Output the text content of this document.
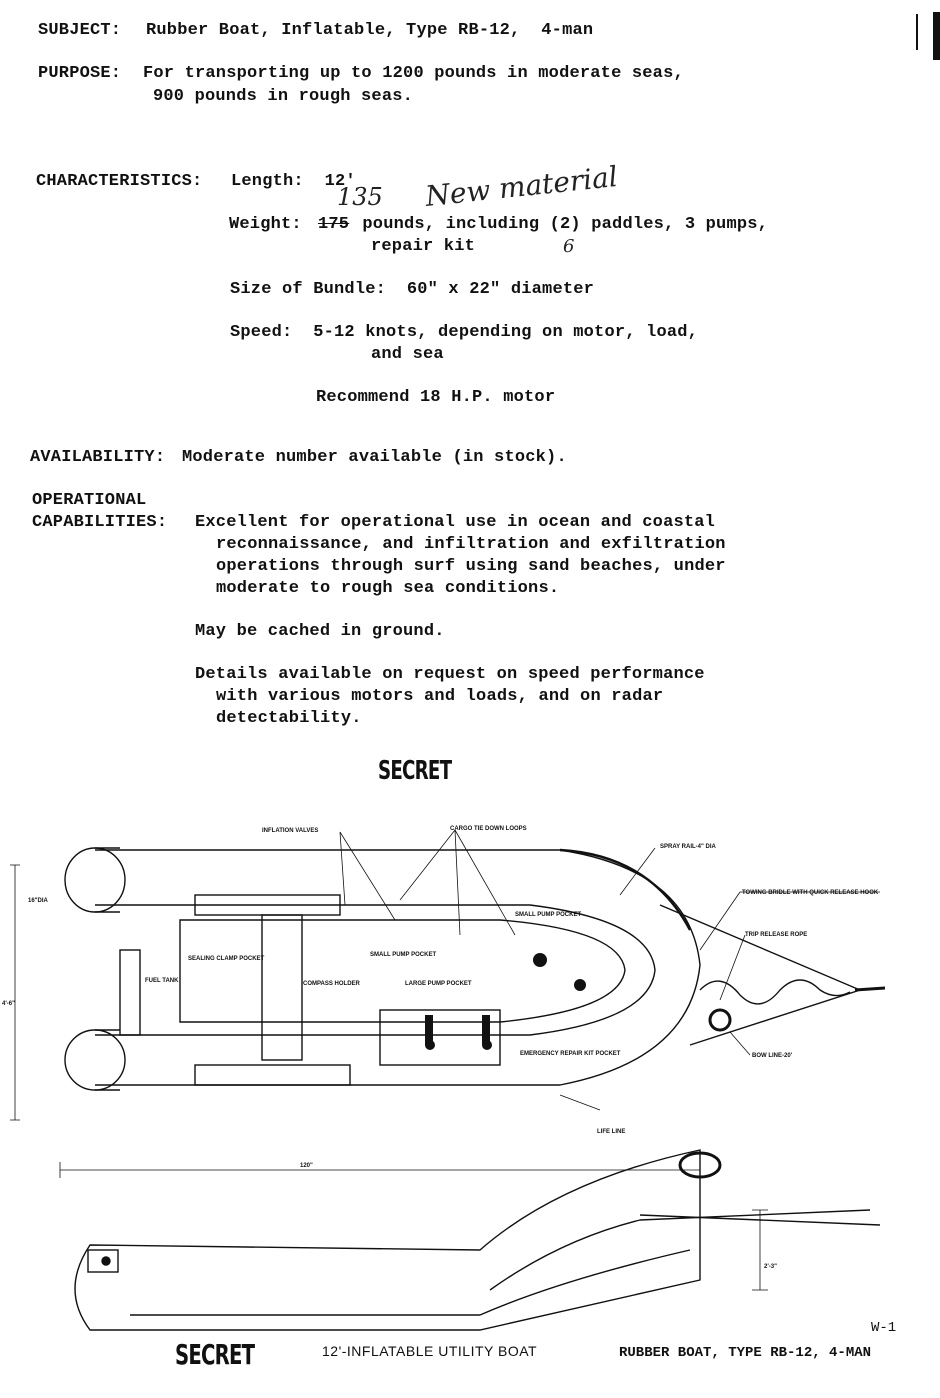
SUBJECT: Rubber Boat, Inflatable, Type RB-12,  4-man
PURPOSE: For transporting up to 1200 pounds in moderate seas,
900 pounds in rough seas.
CHARACTERISTICS: Length:  12'
Weight: 175 pounds, including (2) paddles, 3 pumps,
repair kit
135 New material
6
Size of Bundle:  60" x 22" diameter
Speed:  5-12 knots, depending on motor, load,
and sea
Recommend 18 H.P. motor
AVAILABILITY: Moderate number available (in stock).
OPERATIONAL
CAPABILITIES: Excellent for operational use in ocean and coastal
reconnaissance, and infiltration and exfiltration
operations through surf using sand beaches, under
moderate to rough sea conditions.
May be cached in ground.
Details available on request on speed performance
with various motors and loads, and on radar
detectability.
SECRET
INFLATION VALVES	CARGO TIE DOWN LOOPS
SPRAY RAIL-4" DIA
TOWING BRIDLE WITH QUICK RELEASE HOOK
TRIP RELEASE ROPE
SMALL PUMP POCKET
SMALL PUMP POCKET
SEALING CLAMP POCKET
FUEL TANK	COMPASS HOLDER	LARGE PUMP POCKET
EMERGENCY REPAIR KIT POCKET	BOW LINE-20'
LIFE LINE
16"DIA
4'-6"
120"
2'-3"
W-1
SECRET	12'-INFLATABLE UTILITY BOAT	RUBBER BOAT, TYPE RB-12, 4-MAN
